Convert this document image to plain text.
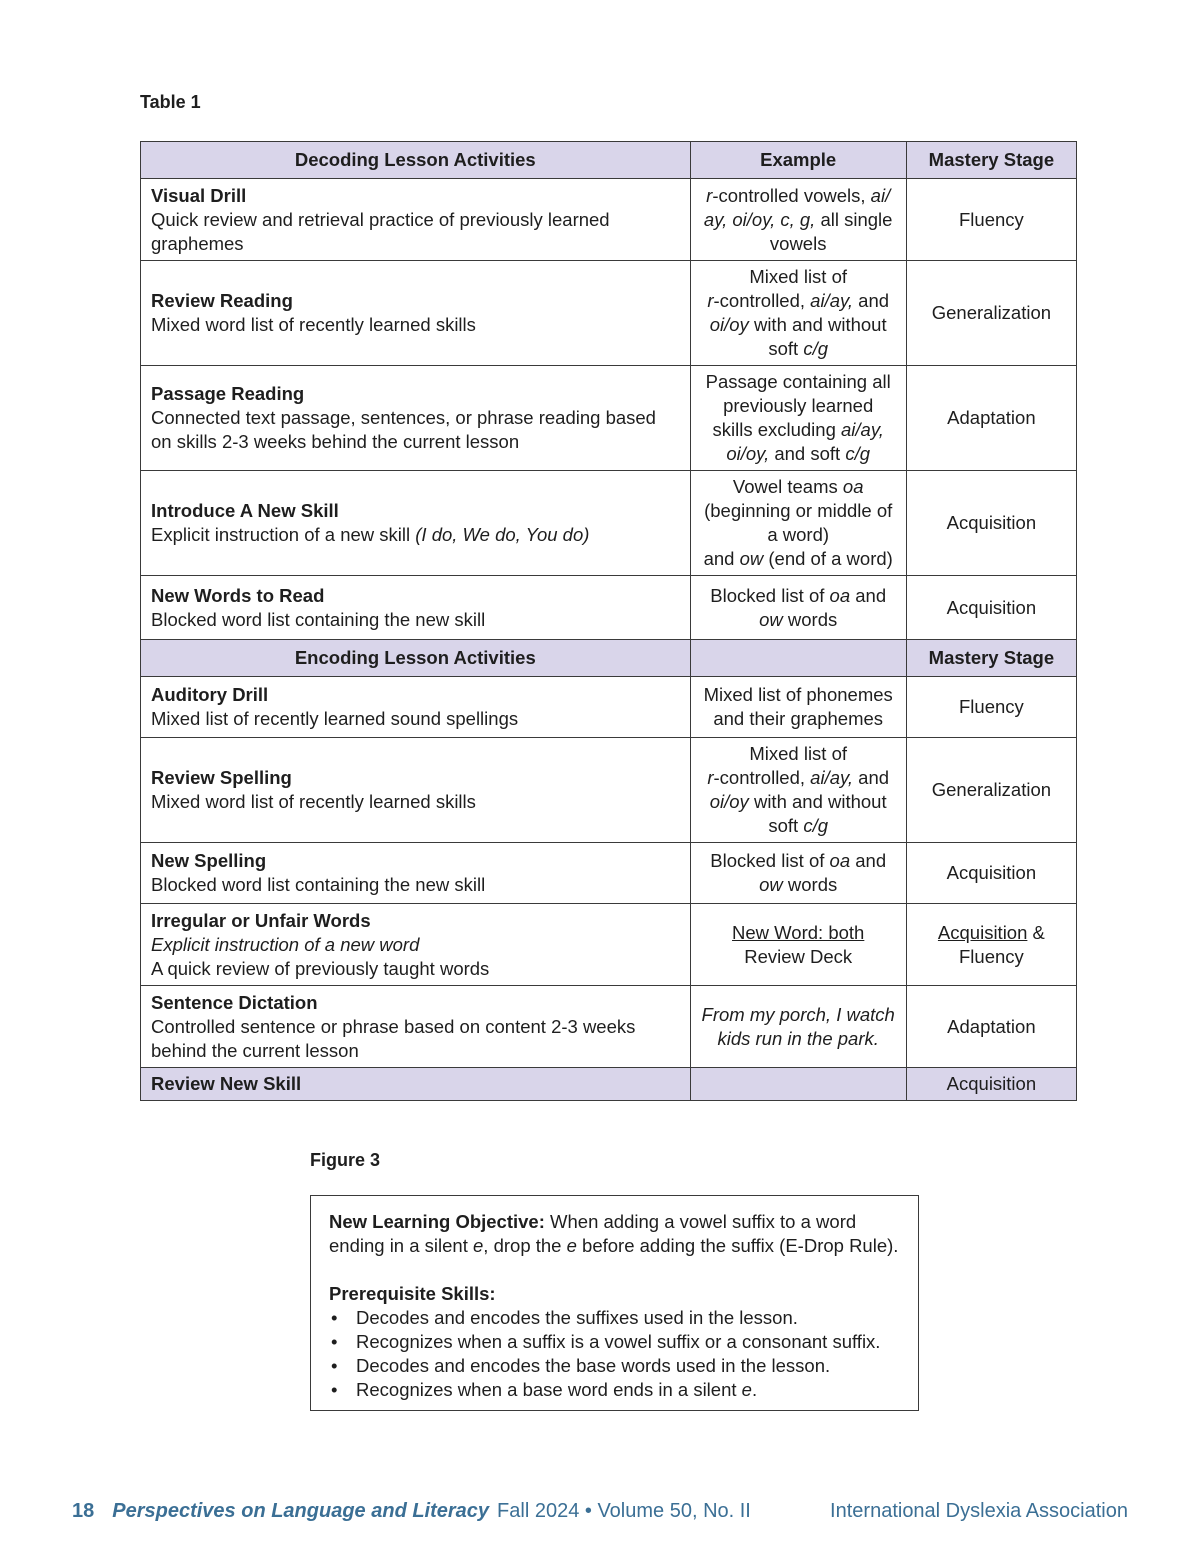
Table 1
Decoding Lesson Activities	Example	Mastery Stage

Visual Drill
Quick review and retrieval practice of previously learned graphemes	r-controlled vowels, ai/ ay, oi/oy, c, g, all single vowels	Fluency

Review Reading
Mixed word list of recently learned skills	Mixed list of
r-controlled, ai/ay, and oi/oy with and without soft c/g	Generalization

Passage Reading
Connected text passage, sentences, or phrase reading based on skills 2-3 weeks behind the current lesson	Passage containing all previously learned skills excluding ai/ay, oi/oy, and soft c/g	Adaptation

Introduce A New Skill
Explicit instruction of a new skill (I do, We do, You do)	Vowel teams oa
(beginning or middle of a word)
and ow (end of a word)	Acquisition

New Words to Read
Blocked word list containing the new skill	Blocked list of oa and
ow words	Acquisition
Encoding Lesson Activities		Mastery Stage

Auditory Drill
Mixed list of recently learned sound spellings	Mixed list of phonemes and their graphemes	Fluency

Review Spelling
Mixed word list of recently learned skills	Mixed list of
r-controlled, ai/ay, and oi/oy with and without soft c/g	Generalization

New Spelling
Blocked word list containing the new skill	Blocked list of oa and
ow words	Acquisition

Irregular or Unfair Words
Explicit instruction of a new word
A quick review of previously taught words	New Word: both
Review Deck	Acquisition & Fluency

Sentence Dictation
Controlled sentence or phrase based on content 2-3 weeks behind the current lesson	From my porch, I watch kids run in the park.	Adaptation

Review New Skill		Acquisition
Figure 3

New Learning Objective: When adding a vowel suffix to a word ending in a silent e, drop the e before adding the suffix (E-Drop Rule).

Prerequisite Skills:

• Decodes and encodes the suffixes used in the lesson.
• Recognizes when a suffix is a vowel suffix or a consonant suffix.
• Decodes and encodes the base words used in the lesson.
• Recognizes when a base word ends in a silent e.
18 Perspectives on Language and Literacy Fall 2024 • Volume 50, No. II	International Dyslexia Association
